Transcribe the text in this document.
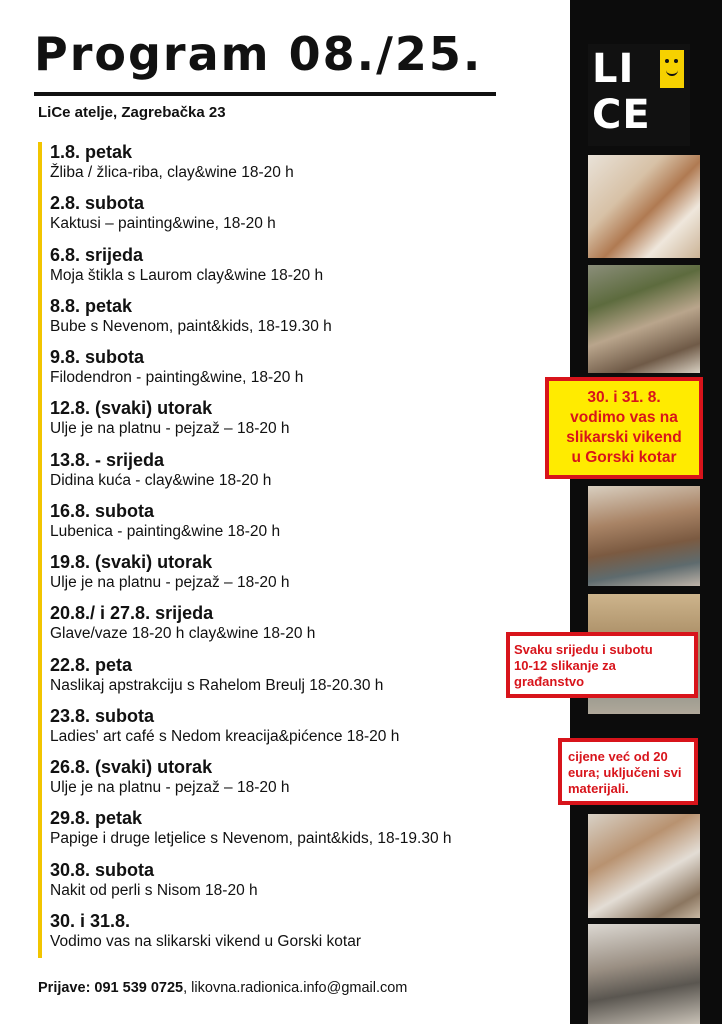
Program 08./25.
LiCe atelje, Zagrebačka 23
1.8. petak
Žliba / žlica-riba, clay&wine 18-20 h
2.8. subota
Kaktusi – painting&wine, 18-20 h
6.8. srijeda
Moja štikla s Laurom clay&wine 18-20 h
8.8. petak
Bube s Nevenom, paint&kids, 18-19.30 h
9.8. subota
Filodendron - painting&wine, 18-20 h
12.8. (svaki) utorak
Ulje je na platnu - pejzaž – 18-20 h
13.8. - srijeda
Didina kuća - clay&wine 18-20 h
16.8. subota
Lubenica - painting&wine 18-20 h
19.8. (svaki) utorak
Ulje je na platnu - pejzaž – 18-20 h
20.8./ i 27.8. srijeda
Glave/vaze 18-20 h clay&wine 18-20 h
22.8. peta
Naslikaj apstrakciju s Rahelom Breulj 18-20.30 h
23.8. subota
Ladies' art café s Nedom kreacija&pićence 18-20 h
26.8. (svaki) utorak
Ulje je na platnu - pejzaž – 18-20 h
29.8. petak
Papige i druge letjelice s Nevenom, paint&kids, 18-19.30 h
30.8. subota
Nakit od perli s Nisom 18-20 h
30. i 31.8.
Vodimo vas na slikarski vikend u Gorski kotar
Prijave: 091 539 0725, likovna.radionica.info@gmail.com
LI
CE
30. i 31. 8.
vodimo vas na
slikarski vikend
u Gorski kotar
Svaku srijedu i subotu
10-12 slikanje za
građanstvo
cijene već od 20
eura; uključeni svi
materijali.
